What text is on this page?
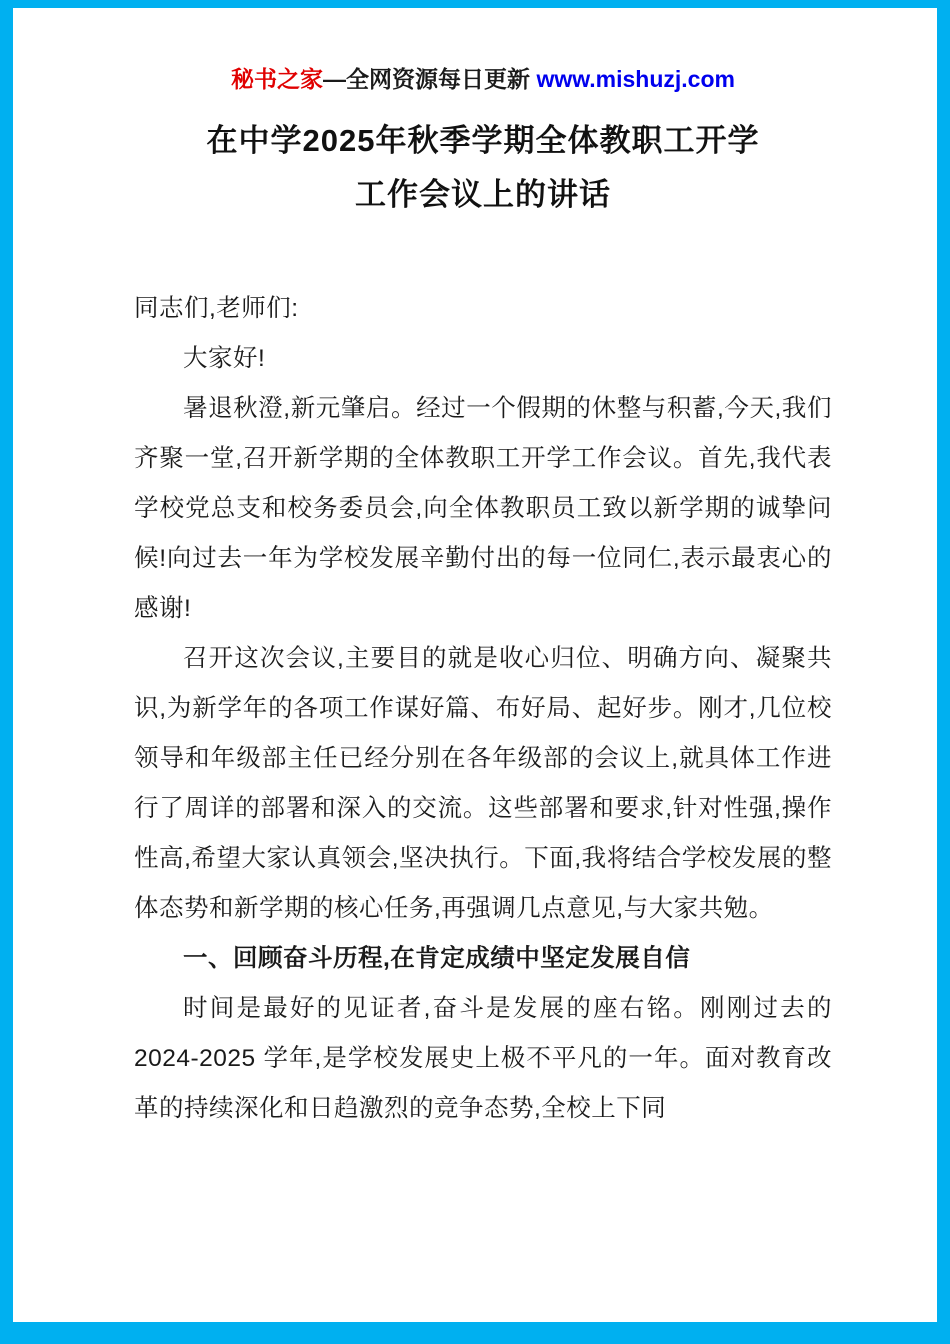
秘书之家—全网资源每日更新 www.mishuzj.com
在中学2025年秋季学期全体教职工开学
工作会议上的讲话

同志们,老师们:

大家好!

暑退秋澄,新元肇启。经过一个假期的休整与积蓄,今天,我们齐聚一堂,召开新学期的全体教职工开学工作会议。首先,我代表学校党总支和校务委员会,向全体教职员工致以新学期的诚挚问候!向过去一年为学校发展辛勤付出的每一位同仁,表示最衷心的感谢!

召开这次会议,主要目的就是收心归位、明确方向、凝聚共识,为新学年的各项工作谋好篇、布好局、起好步。刚才,几位校领导和年级部主任已经分别在各年级部的会议上,就具体工作进行了周详的部署和深入的交流。这些部署和要求,针对性强,操作性高,希望大家认真领会,坚决执行。下面,我将结合学校发展的整体态势和新学期的核心任务,再强调几点意见,与大家共勉。

一、回顾奋斗历程,在肯定成绩中坚定发展自信

时间是最好的见证者,奋斗是发展的座右铭。刚刚过去的 2024-2025 学年,是学校发展史上极不平凡的一年。面对教育改革的持续深化和日趋激烈的竞争态势,全校上下同
